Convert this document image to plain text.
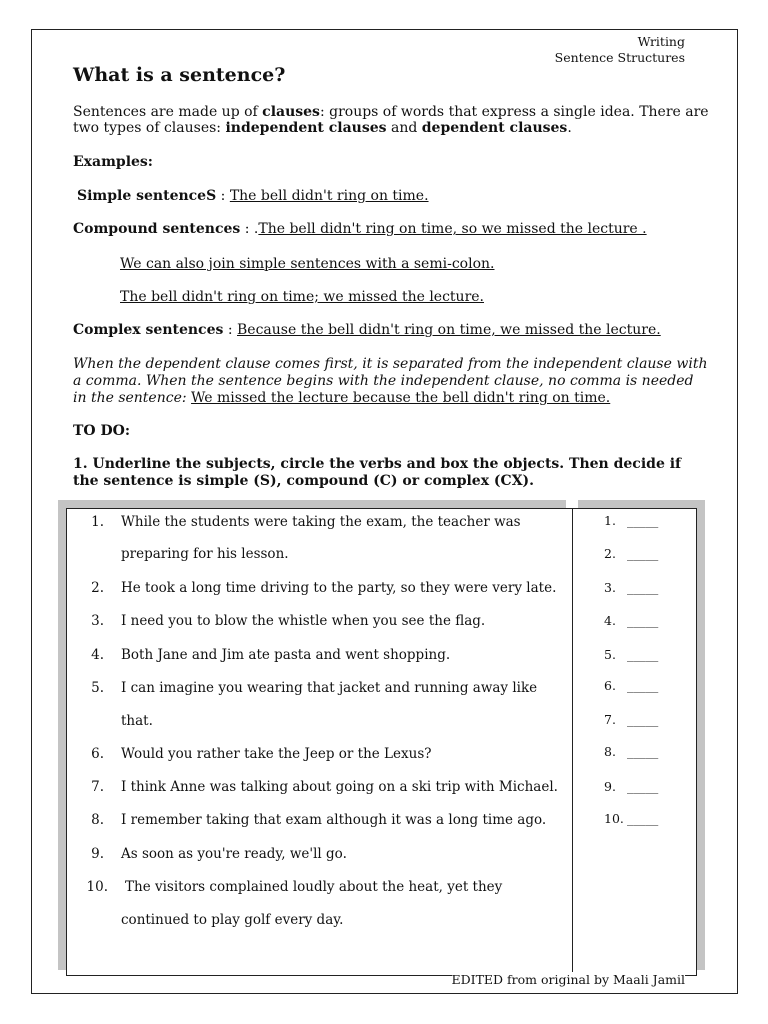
Writing
Sentence Structures
What is a sentence?
Sentences are made up of clauses: groups of words that express a single idea. There are
two types of clauses: independent clauses and dependent clauses.
Examples:
Simple sentenceS : The bell didn't ring on time.
Compound sentences : .The bell didn't ring on time, so we missed the lecture .
We can also join simple sentences with a semi-colon.
The bell didn't ring on time; we missed the lecture.
Complex sentences : Because the bell didn't ring on time, we missed the lecture.
When the dependent clause comes first, it is separated from the independent clause with
a comma. When the sentence begins with the independent clause, no comma is needed
in the sentence: We missed the lecture because the bell didn't ring on time.
TO DO:
1. Underline the subjects, circle the verbs and box the objects. Then decide if
the sentence is simple (S), compound (C) or complex (CX).
1. While the students were taking the exam, the teacher was
preparing for his lesson.
2. He took a long time driving to the party, so they were very late.
3. I need you to blow the whistle when you see the flag.
4. Both Jane and Jim ate pasta and went shopping.
5. I can imagine you wearing that jacket and running away like
that.
6. Would you rather take the Jeep or the Lexus?
7. I think Anne was talking about going on a ski trip with Michael.
8. I remember taking that exam although it was a long time ago.
9. As soon as you're ready, we'll go.
10. The visitors complained loudly about the heat, yet they
continued to play golf every day.
1. _____
2. _____
3. _____
4. _____
5. _____
6. _____
7. _____
8. _____
9. _____
10. _____
EDITED from original by Maali Jamil
